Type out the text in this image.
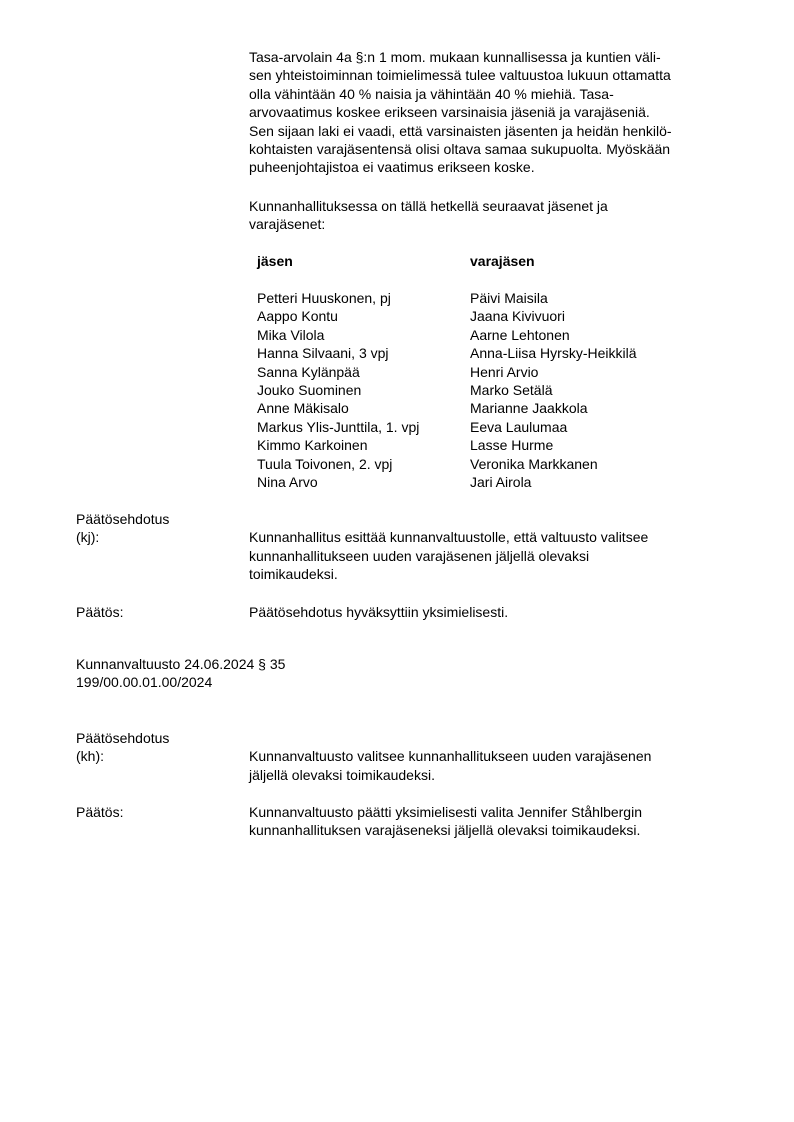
Tasa-arvolain 4a §:n 1 mom. mukaan kunnallisessa ja kuntien väli-
sen yhteistoiminnan toimielimessä tulee valtuustoa lukuun ottamatta
olla vähintään 40 % naisia ja vähintään 40 % miehiä. Tasa-
arvovaatimus koskee erikseen varsinaisia jäseniä ja varajäseniä.
Sen sijaan laki ei vaadi, että varsinaisten jäsenten ja heidän henkilö-
kohtaisten varajäsentensä olisi oltava samaa sukupuolta. Myöskään
puheenjohtajistoa ei vaatimus erikseen koske.
Kunnanhallituksessa on tällä hetkellä seuraavat jäsenet ja
varajäsenet:
jäsen	varajäsen
Petteri Huuskonen, pj	Päivi Maisila
Aappo Kontu	Jaana Kivivuori
Mika Vilola	Aarne Lehtonen
Hanna Silvaani, 3 vpj	Anna-Liisa Hyrsky-Heikkilä
Sanna Kylänpää	Henri Arvio
Jouko Suominen	Marko Setälä
Anne Mäkisalo	Marianne Jaakkola
Markus Ylis-Junttila, 1. vpj	Eeva Laulumaa
Kimmo Karkoinen	Lasse Hurme
Tuula Toivonen, 2. vpj	Veronika Markkanen
Nina Arvo	Jari Airola
Päätösehdotus
(kj):	Kunnanhallitus esittää kunnanvaltuustolle, että valtuusto valitsee
kunnanhallitukseen uuden varajäsenen jäljellä olevaksi
toimikaudeksi.
Päätös:	Päätösehdotus hyväksyttiin yksimielisesti.
Kunnanvaltuusto 24.06.2024 § 35
199/00.00.01.00/2024
Päätösehdotus
(kh):	Kunnanvaltuusto valitsee kunnanhallitukseen uuden varajäsenen
jäljellä olevaksi toimikaudeksi.
Päätös:	Kunnanvaltuusto päätti yksimielisesti valita Jennifer Ståhlbergin
kunnanhallituksen varajäseneksi jäljellä olevaksi toimikaudeksi.
